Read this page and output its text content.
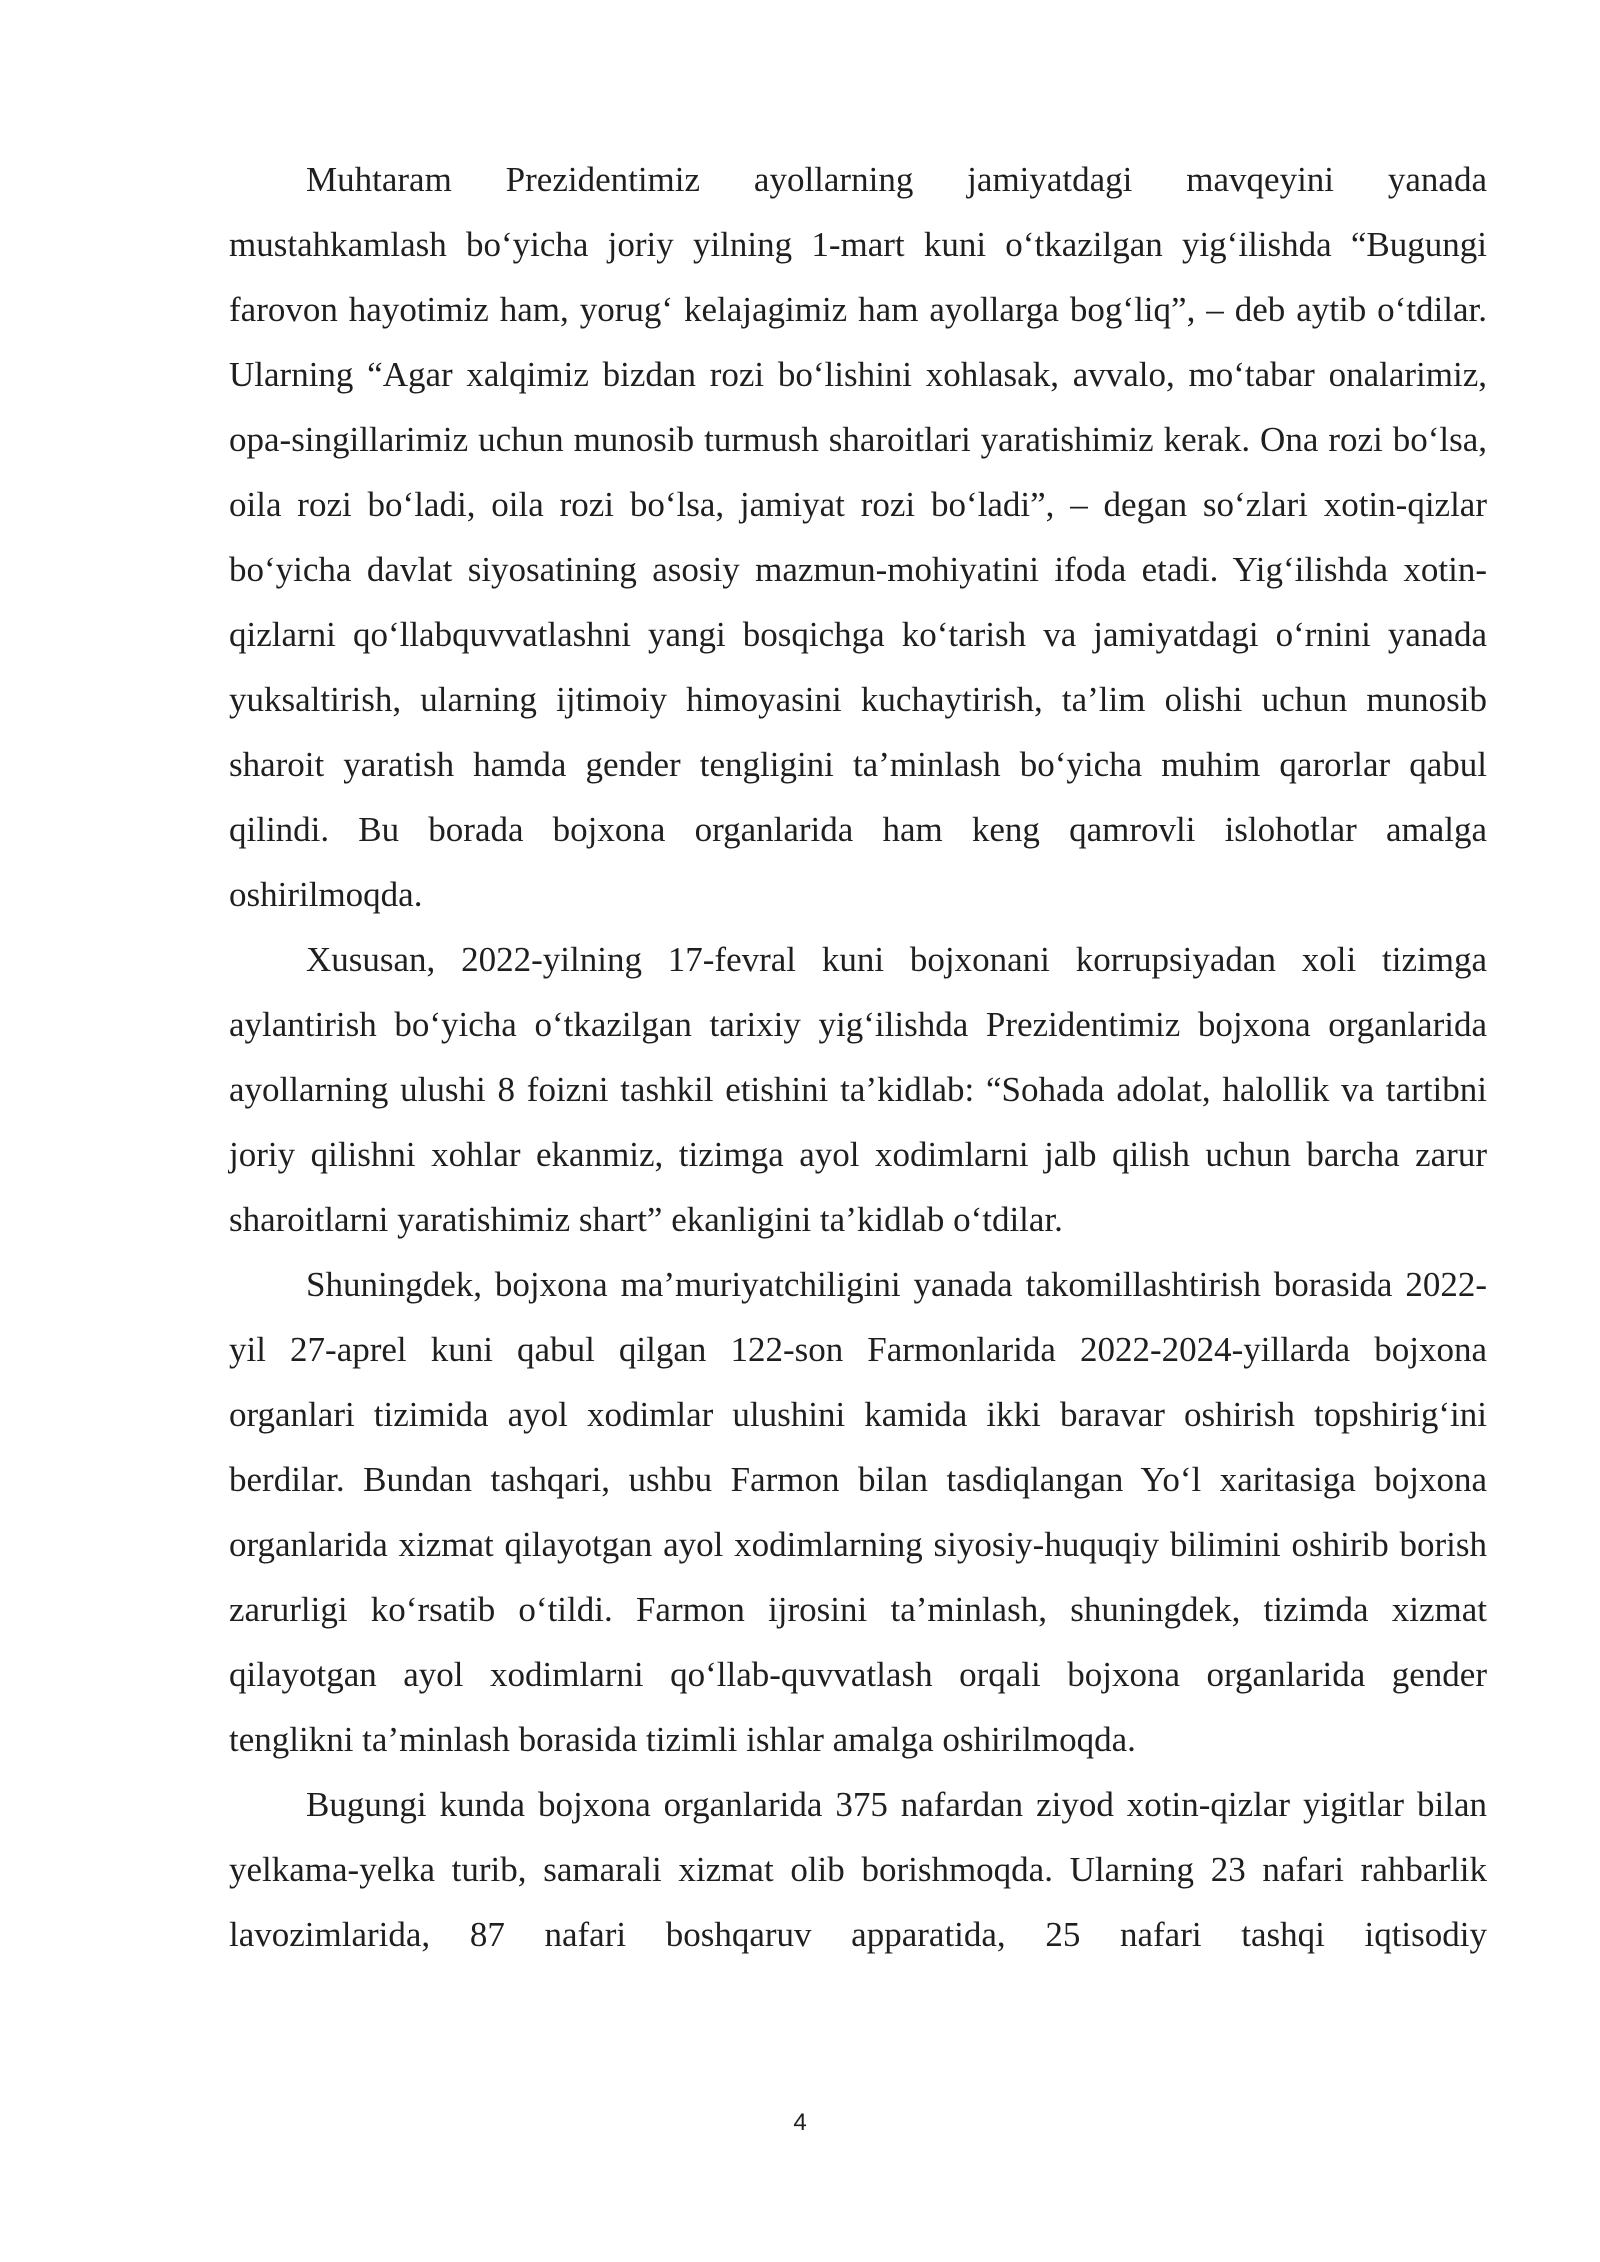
Muhtaram Prezidentimiz ayollarning jamiyatdagi mavqeyini yanada mustahkamlash bo‘yicha joriy yilning 1-mart kuni o‘tkazilgan yig‘ilishda “Bugungi farovon hayotimiz ham, yorug‘ kelajagimiz ham ayollarga bog‘liq”, – deb aytib o‘tdilar. Ularning “Agar xalqimiz bizdan rozi bo‘lishini xohlasak, avvalo, mo‘tabar onalarimiz, opa-singillarimiz uchun munosib turmush sharoitlari yaratishimiz kerak. Ona rozi bo‘lsa, oila rozi bo‘ladi, oila rozi bo‘lsa, jamiyat rozi bo‘ladi”, – degan so‘zlari xotin-qizlar bo‘yicha davlat siyosatining asosiy mazmun-mohiyatini ifoda etadi. Yig‘ilishda xotin-qizlarni qo‘llabquvvatlashni yangi bosqichga ko‘tarish va jamiyatdagi o‘rnini yanada yuksaltirish, ularning ijtimoiy himoyasini kuchaytirish, ta’lim olishi uchun munosib sharoit yaratish hamda gender tengligini ta’minlash bo‘yicha muhim qarorlar qabul qilindi. Bu borada bojxona organlarida ham keng qamrovli islohotlar amalga oshirilmoqda.

Xususan, 2022-yilning 17-fevral kuni bojxonani korrupsiyadan xoli tizimga aylantirish bo‘yicha o‘tkazilgan tarixiy yig‘ilishda Prezidentimiz bojxona organlarida ayollarning ulushi 8 foizni tashkil etishini ta’kidlab: “Sohada adolat, halollik va tartibni joriy qilishni xohlar ekanmiz, tizimga ayol xodimlarni jalb qilish uchun barcha zarur sharoitlarni yaratishimiz shart” ekanligini ta’kidlab o‘tdilar.

Shuningdek, bojxona ma’muriyatchiligini yanada takomillashtirish borasida 2022-yil 27-aprel kuni qabul qilgan 122-son Farmonlarida 2022-2024-yillarda bojxona organlari tizimida ayol xodimlar ulushini kamida ikki baravar oshirish topshirig‘ini berdilar. Bundan tashqari, ushbu Farmon bilan tasdiqlangan Yo‘l xaritasiga bojxona organlarida xizmat qilayotgan ayol xodimlarning siyosiy-huquqiy bilimini oshirib borish zarurligi ko‘rsatib o‘tildi. Farmon ijrosini ta’minlash, shuningdek, tizimda xizmat qilayotgan ayol xodimlarni qo‘llab-quvvatlash orqali bojxona organlarida gender tenglikni ta’minlash borasida tizimli ishlar amalga oshirilmoqda.

Bugungi kunda bojxona organlarida 375 nafardan ziyod xotin-qizlar yigitlar bilan yelkama-yelka turib, samarali xizmat olib borishmoqda. Ularning 23 nafari rahbarlik lavozimlarida, 87 nafari boshqaruv apparatida, 25 nafari tashqi iqtisodiy

4
